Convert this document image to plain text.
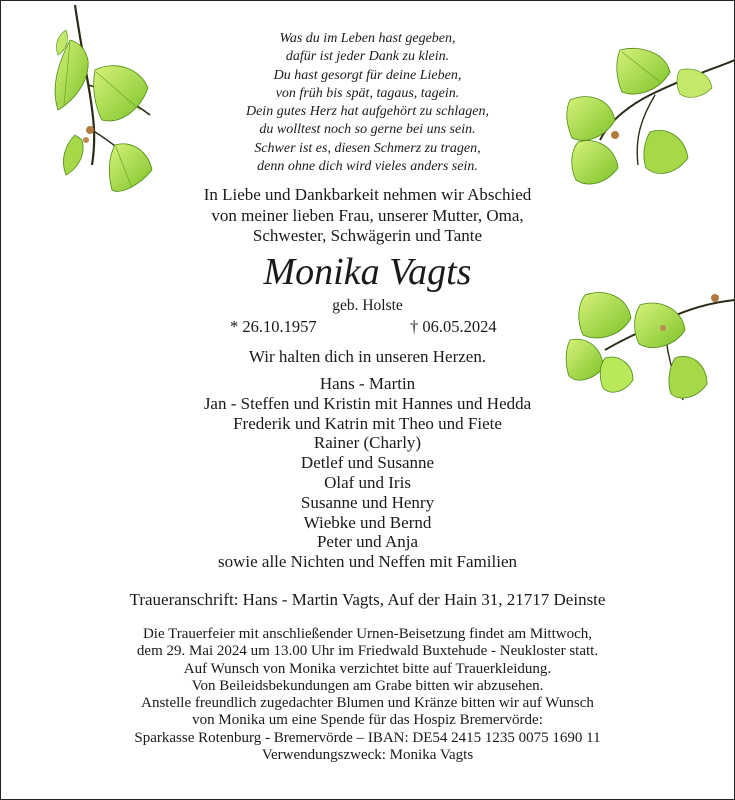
Was du im Leben hast gegeben,
dafür ist jeder Dank zu klein.
Du hast gesorgt für deine Lieben,
von früh bis spät, tagaus, tagein.
Dein gutes Herz hat aufgehört zu schlagen,
du wolltest noch so gerne bei uns sein.
Schwer ist es, diesen Schmerz zu tragen,
denn ohne dich wird vieles anders sein.
In Liebe und Dankbarkeit nehmen wir Abschied
von meiner lieben Frau, unserer Mutter, Oma,
Schwester, Schwägerin und Tante
Monika Vagts
geb. Holste
* 26.10.1957	† 06.05.2024
Wir halten dich in unseren Herzen.
Hans - Martin
Jan - Steffen und Kristin mit Hannes und Hedda
Frederik und Katrin mit Theo und Fiete
Rainer (Charly)
Detlef und Susanne
Olaf und Iris
Susanne und Henry
Wiebke und Bernd
Peter und Anja
sowie alle Nichten und Neffen mit Familien
Traueranschrift: Hans - Martin Vagts, Auf der Hain 31, 21717 Deinste
Die Trauerfeier mit anschließender Urnen-Beisetzung findet am Mittwoch,
dem 29. Mai 2024 um 13.00 Uhr im Friedwald Buxtehude - Neukloster statt.
Auf Wunsch von Monika verzichtet bitte auf Trauerkleidung.
Von Beileidsbekundungen am Grabe bitten wir abzusehen.
Anstelle freundlich zugedachter Blumen und Kränze bitten wir auf Wunsch
von Monika um eine Spende für das Hospiz Bremervörde:
Sparkasse Rotenburg - Bremervörde – IBAN: DE54 2415 1235 0075 1690 11
Verwendungszweck: Monika Vagts
